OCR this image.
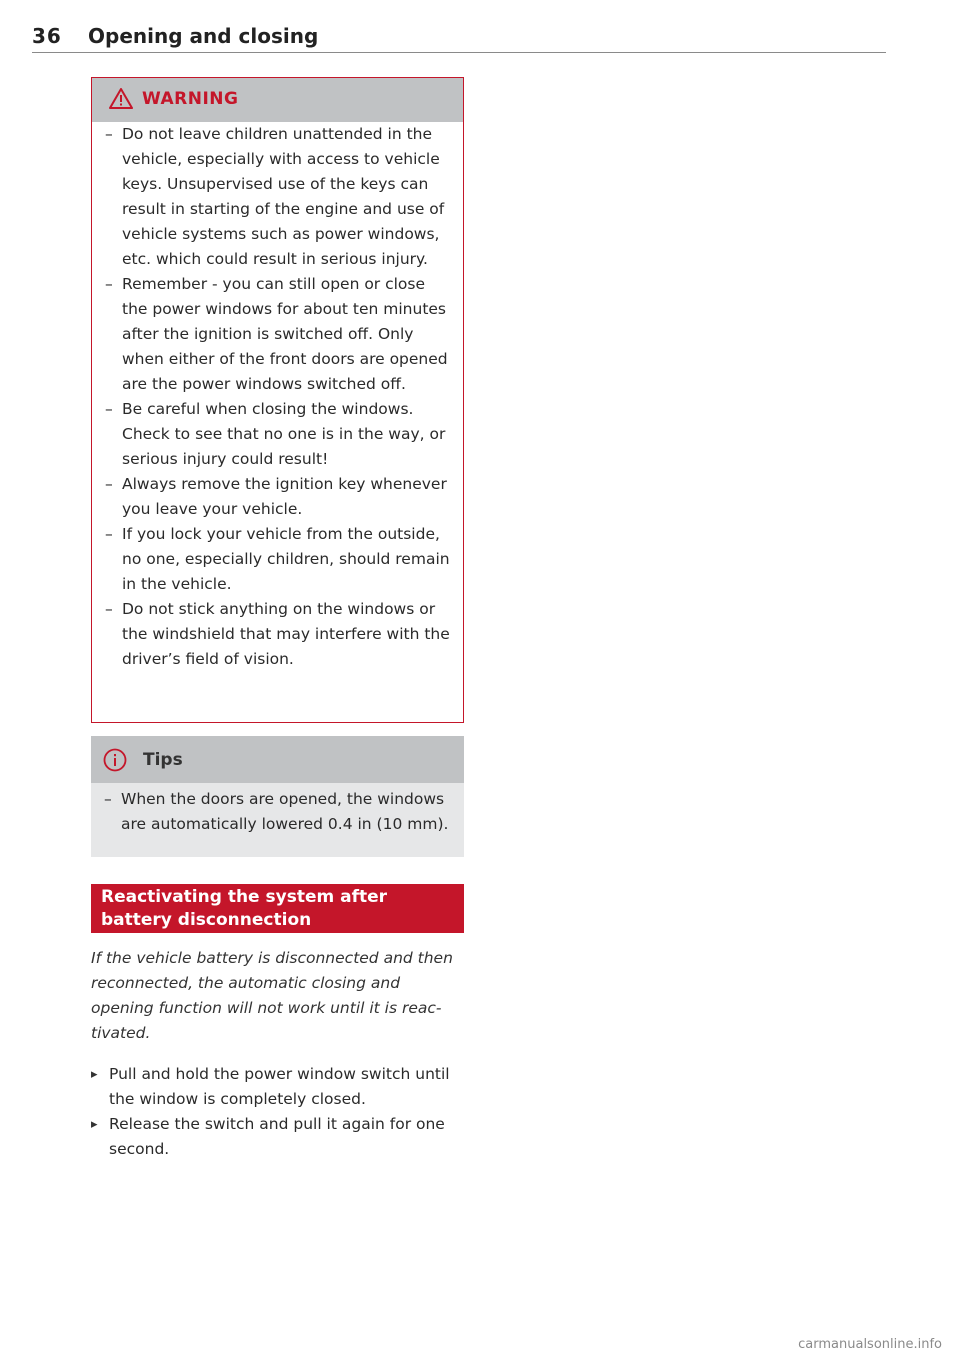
36 Opening and closing
WARNING
– Do not leave children unattended in the vehicle, especially with access to vehicle keys. Unsupervised use of the keys can result in starting of the engine and use of vehicle systems such as power windows, etc. which could result in serious injury.
– Remember - you can still open or close the power windows for about ten minutes after the ignition is switched off. Only when either of the front doors are opened are the power windows switched off.
– Be careful when closing the windows. Check to see that no one is in the way, or serious injury could result!
– Always remove the ignition key whenever you leave your vehicle.
– If you lock your vehicle from the outside, no one, especially children, should remain in the vehicle.
– Do not stick anything on the windows or the windshield that may interfere with the driver’s field of vision.
Tips
– When the doors are opened, the windows are automatically lowered 0.4 in (10 mm).
Reactivating the system after battery disconnection

If the vehicle battery is disconnected and then reconnected, the automatic closing and opening function will not work until it is reactivated.

▸ Pull and hold the power window switch until the window is completely closed.
▸ Release the switch and pull it again for one second.
carmanualsonline.info
